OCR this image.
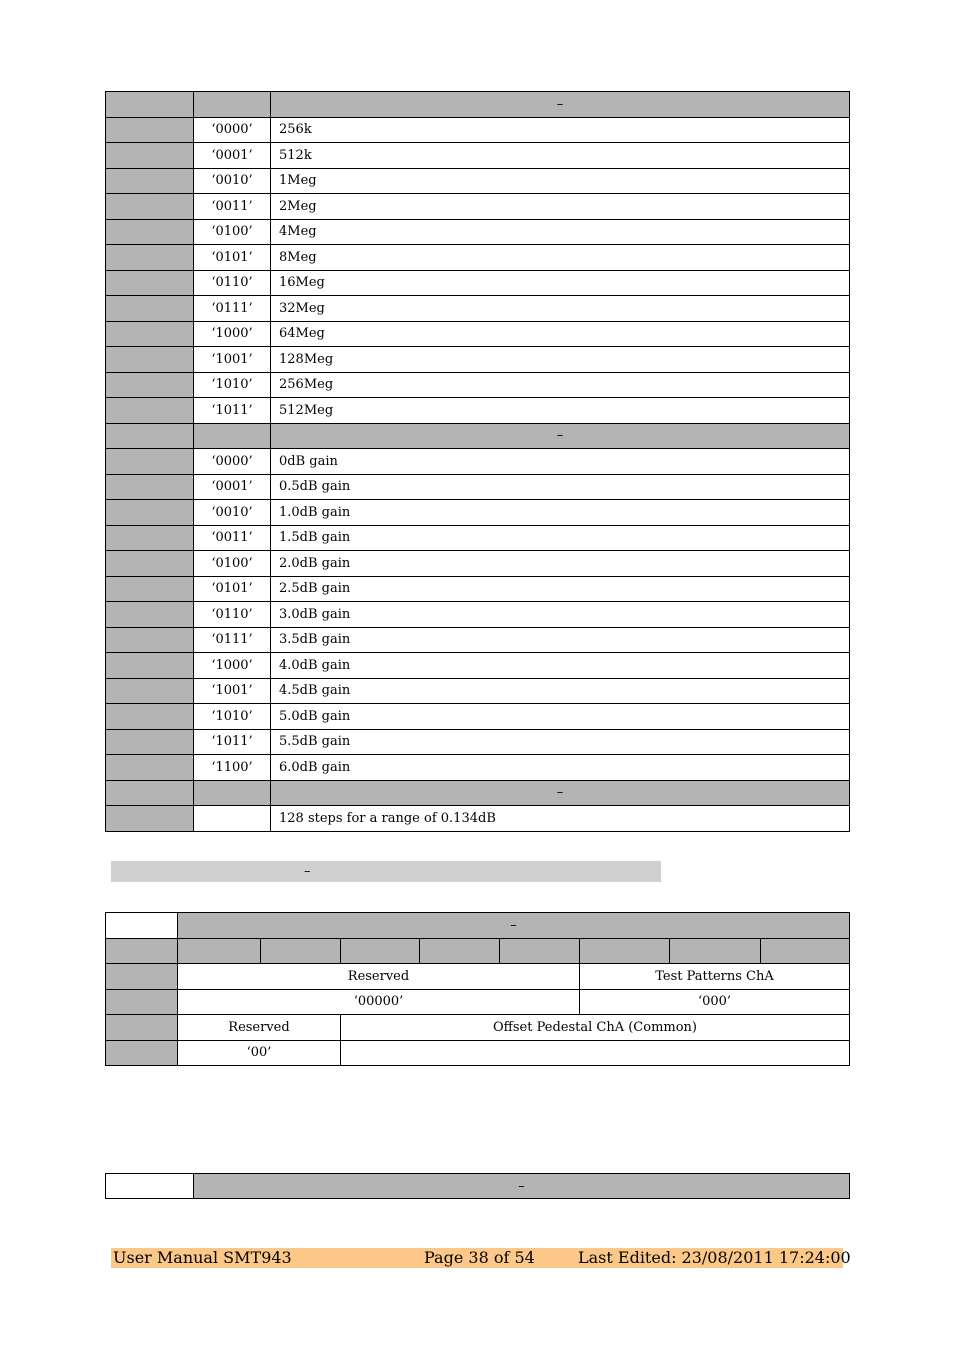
		–
	‘0000’	256k
	‘0001’	512k
	‘0010’	1Meg
	‘0011’	2Meg
	‘0100’	4Meg
	‘0101’	8Meg
	‘0110’	16Meg
	‘0111’	32Meg
	‘1000’	64Meg
	‘1001’	128Meg
	‘1010’	256Meg
	‘1011’	512Meg
		–
	‘0000’	0dB gain
	‘0001’	0.5dB gain
	‘0010’	1.0dB gain
	‘0011’	1.5dB gain
	‘0100’	2.0dB gain
	‘0101’	2.5dB gain
	‘0110’	3.0dB gain
	‘0111’	3.5dB gain
	‘1000’	4.0dB gain
	‘1001’	4.5dB gain
	‘1010’	5.0dB gain
	‘1011’	5.5dB gain
	‘1100’	6.0dB gain
		–
		128 steps for a range of 0.134dB
–
	–							

	Reserved					Test Patterns ChA		
	‘00000’					‘000’		
	Reserved		Offset Pedestal ChA (Common)					
	‘00’							
	–
User Manual SMT943	Page 38 of 54	Last Edited: 23/08/2011 17:24:00
